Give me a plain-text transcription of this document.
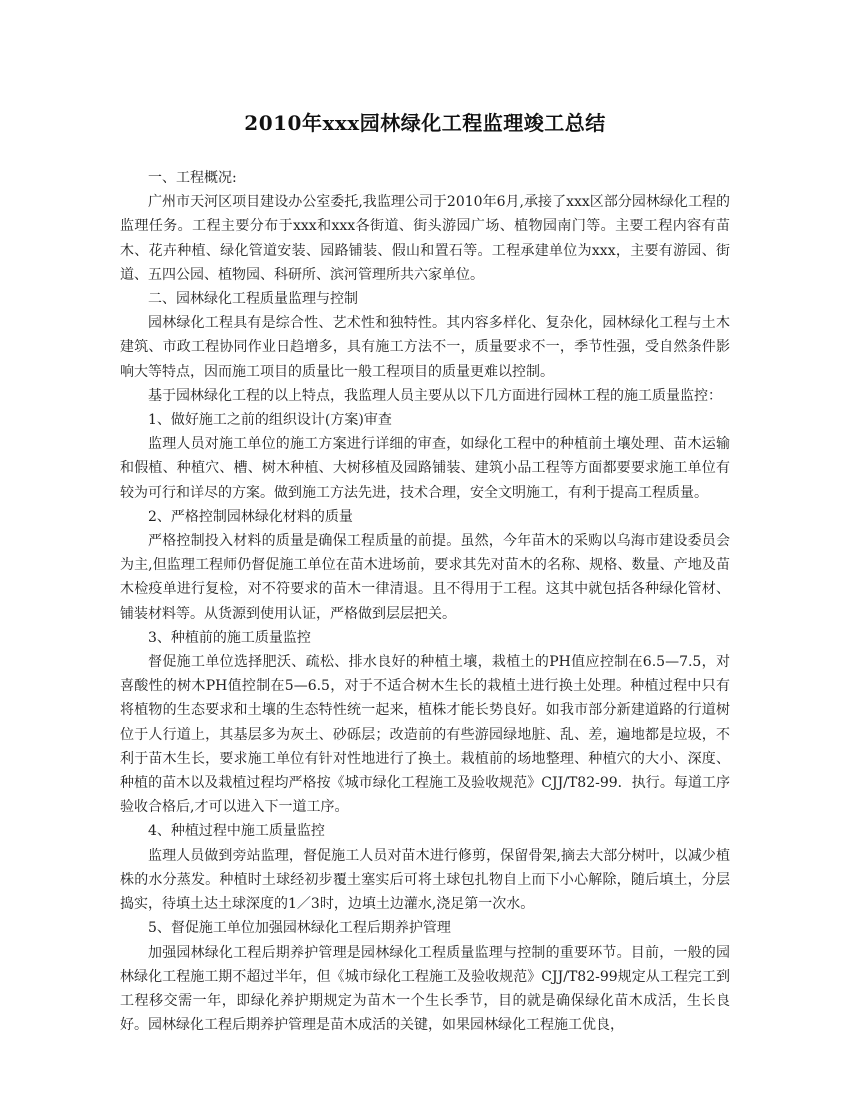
2010年xxx园林绿化工程监理竣工总结

一、工程概况:

广州市天河区项目建设办公室委托,我监理公司于2010年6月,承接了xxx区部分园林绿化工程的监理任务。工程主要分布于xxx和xxx各街道、街头游园广场、植物园南门等。主要工程内容有苗木、花卉种植、绿化管道安装、园路铺装、假山和置石等。工程承建单位为xxx，主要有游园、街道、五四公园、植物园、科研所、滨河管理所共六家单位。

二、园林绿化工程质量监理与控制

园林绿化工程具有是综合性、艺术性和独特性。其内容多样化、复杂化，园林绿化工程与土木建筑、市政工程协同作业日趋增多，具有施工方法不一，质量要求不一，季节性强，受自然条件影响大等特点，因而施工项目的质量比一般工程项目的质量更难以控制。

基于园林绿化工程的以上特点，我监理人员主要从以下几方面进行园林工程的施工质量监控：

1、做好施工之前的组织设计(方案)审查

监理人员对施工单位的施工方案进行详细的审查，如绿化工程中的种植前土壤处理、苗木运输和假植、种植穴、槽、树木种植、大树移植及园路铺装、建筑小品工程等方面都要要求施工单位有较为可行和详尽的方案。做到施工方法先进，技术合理，安全文明施工，有利于提高工程质量。

2、严格控制园林绿化材料的质量

严格控制投入材料的质量是确保工程质量的前提。虽然，今年苗木的采购以乌海市建设委员会为主,但监理工程师仍督促施工单位在苗木进场前，要求其先对苗木的名称、规格、数量、产地及苗木检疫单进行复检，对不符要求的苗木一律清退。且不得用于工程。这其中就包括各种绿化管材、铺装材料等。从货源到使用认证，严格做到层层把关。

3、种植前的施工质量监控

督促施工单位选择肥沃、疏松、排水良好的种植土壤，栽植土的PH值应控制在6.5—7.5，对喜酸性的树木PH值控制在5—6.5，对于不适合树木生长的栽植土进行换土处理。种植过程中只有将植物的生态要求和土壤的生态特性统一起来，植株才能长势良好。如我市部分新建道路的行道树位于人行道上，其基层多为灰土、砂砾层；改造前的有些游园绿地脏、乱、差，遍地都是垃圾，不利于苗木生长，要求施工单位有针对性地进行了换土。栽植前的场地整理、种植穴的大小、深度、种植的苗木以及栽植过程均严格按《城市绿化工程施工及验收规范》CJJ/T82-99．执行。每道工序验收合格后,才可以进入下一道工序。

4、种植过程中施工质量监控

监理人员做到旁站监理，督促施工人员对苗木进行修剪，保留骨架,摘去大部分树叶，以减少植株的水分蒸发。种植时土球经初步覆土塞实后可将土球包扎物自上而下小心解除，随后填土，分层捣实，待填土达土球深度的1／3时，边填土边灌水,浇足第一次水。

5、督促施工单位加强园林绿化工程后期养护管理

加强园林绿化工程后期养护管理是园林绿化工程质量监理与控制的重要环节。目前，一般的园林绿化工程施工期不超过半年，但《城市绿化工程施工及验收规范》CJJ/T82-99规定从工程完工到工程移交需一年，即绿化养护期规定为苗木一个生长季节，目的就是确保绿化苗木成活，生长良好。园林绿化工程后期养护管理是苗木成活的关键，如果园林绿化工程施工优良，
